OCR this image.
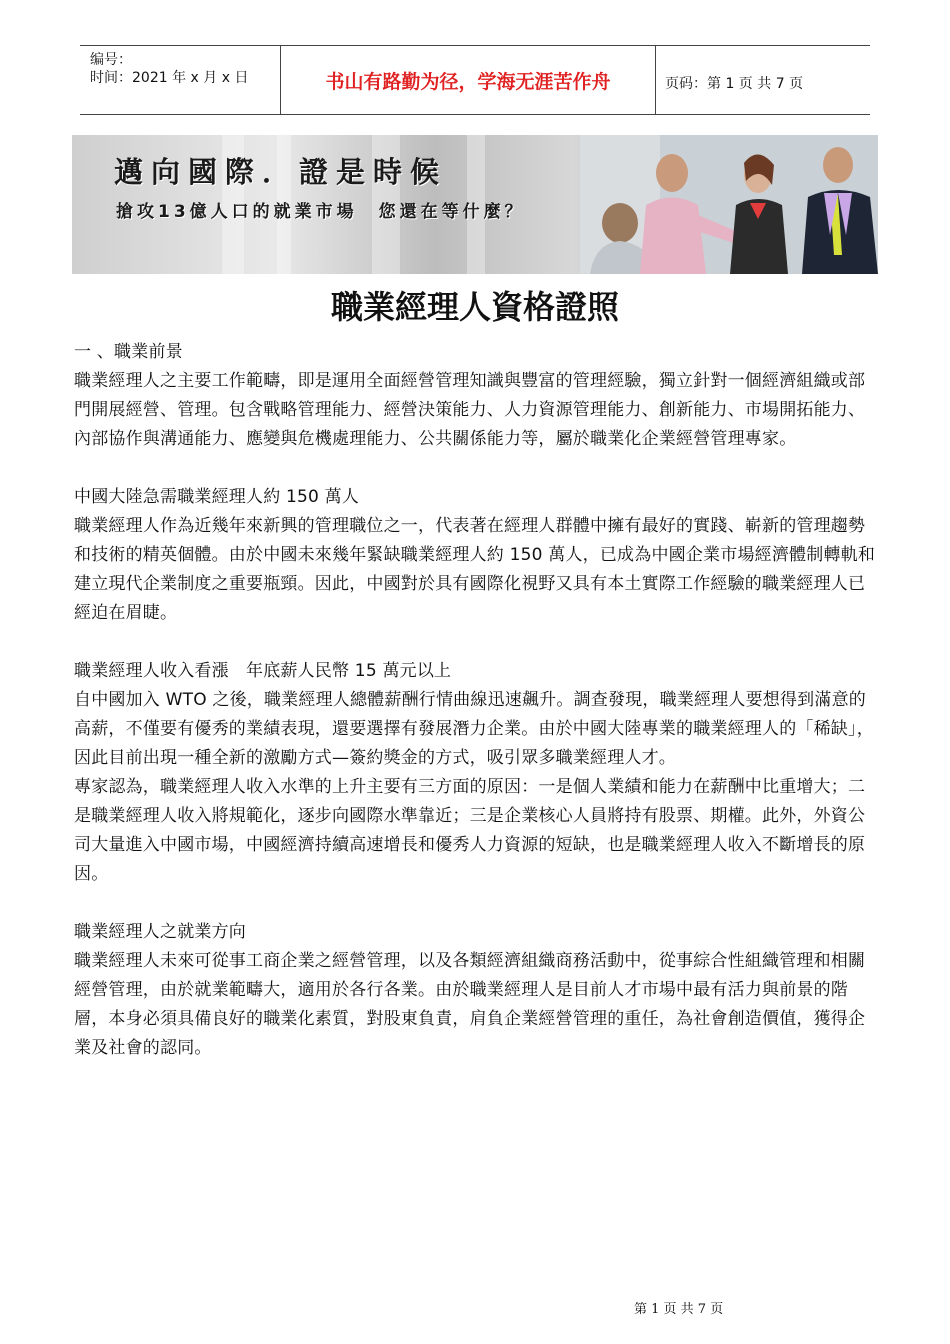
编号：
时间：2021 年 x 月 x 日	书山有路勤为径，学海无涯苦作舟	页码：第 1 页 共 7 页
邁向國際．證是時候
搶攻13億人口的就業市場　您還在等什麼？
職業經理人資格證照

一 、職業前景

職業經理人之主要工作範疇，即是運用全面經營管理知識與豐富的管理經驗，獨立針對一個經濟組織或部門開展經營、管理。包含戰略管理能力、經營決策能力、人力資源管理能力、創新能力、市場開拓能力、內部協作與溝通能力、應變與危機處理能力、公共關係能力等，屬於職業化企業經營管理專家。

中國大陸急需職業經理人約 150 萬人

職業經理人作為近幾年來新興的管理職位之一，代表著在經理人群體中擁有最好的實踐、嶄新的管理趨勢和技術的精英個體。由於中國未來幾年緊缺職業經理人約 150 萬人，已成為中國企業市場經濟體制轉軌和建立現代企業制度之重要瓶頸。因此，中國對於具有國際化視野又具有本土實際工作經驗的職業經理人已經迫在眉睫。

職業經理人收入看漲　年底薪人民幣 15 萬元以上

自中國加入 WTO 之後，職業經理人總體薪酬行情曲線迅速飆升。調查發現，職業經理人要想得到滿意的高薪，不僅要有優秀的業績表現，還要選擇有發展潛力企業。由於中國大陸專業的職業經理人的「稀缺」，因此目前出現一種全新的激勵方式—簽約獎金的方式，吸引眾多職業經理人才。

專家認為，職業經理人收入水準的上升主要有三方面的原因：一是個人業績和能力在薪酬中比重增大；二是職業經理人收入將規範化，逐步向國際水準靠近；三是企業核心人員將持有股票、期權。此外，外資公司大量進入中國市場，中國經濟持續高速增長和優秀人力資源的短缺，也是職業經理人收入不斷增長的原因。

職業經理人之就業方向

職業經理人未來可從事工商企業之經營管理，以及各類經濟組織商務活動中，從事綜合性組織管理和相關經營管理，由於就業範疇大，適用於各行各業。由於職業經理人是目前人才市場中最有活力與前景的階層，本身必須具備良好的職業化素質，對股東負責，肩負企業經營管理的重任，為社會創造價值，獲得企業及社會的認同。

第 1 页 共 7 页
